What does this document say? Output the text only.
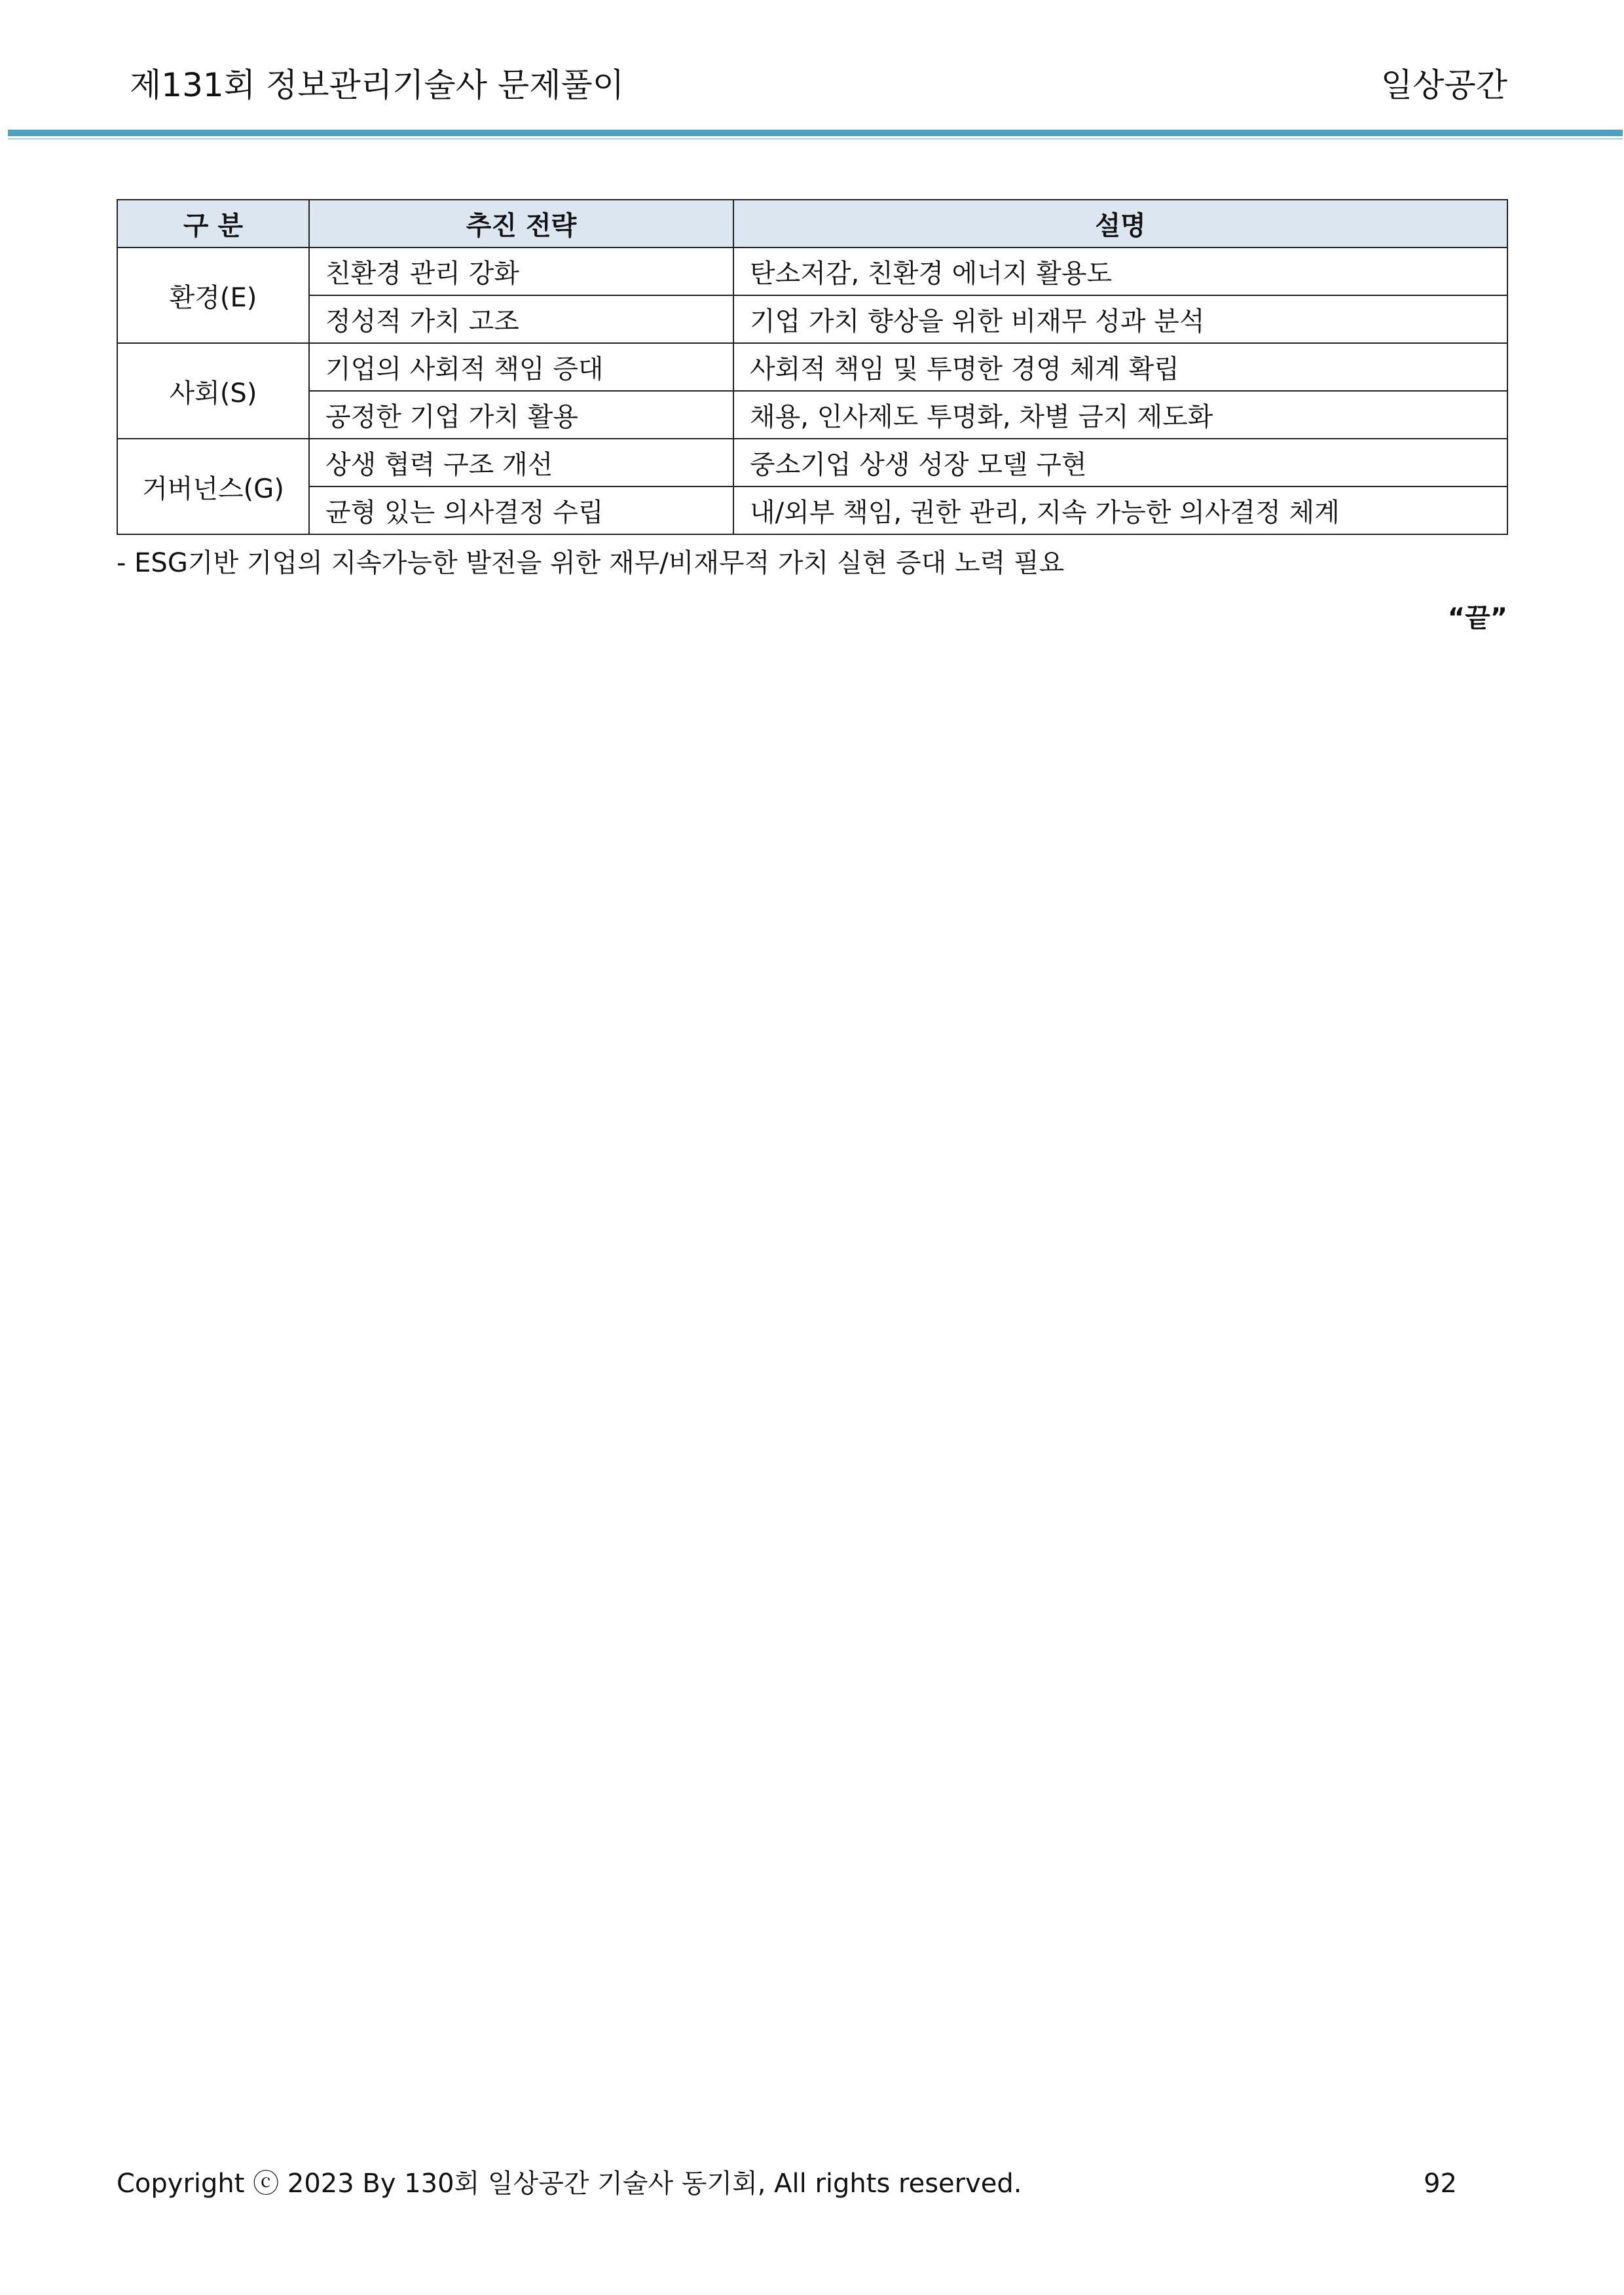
제131회 정보관리기술사 문제풀이	일상공간
구 분	추진 전략	설명
환경(E)	친환경 관리 강화	탄소저감, 친환경 에너지 활용도
	정성적 가치 고조	기업 가치 향상을 위한 비재무 성과 분석
사회(S)	기업의 사회적 책임 증대	사회적 책임 및 투명한 경영 체계 확립
	공정한 기업 가치 활용	채용, 인사제도 투명화, 차별 금지 제도화
거버넌스(G)	상생 협력 구조 개선	중소기업 상생 성장 모델 구현
	균형 있는 의사결정 수립	내/외부 책임, 권한 관리, 지속 가능한 의사결정 체계
- ESG기반 기업의 지속가능한 발전을 위한 재무/비재무적 가치 실현 증대 노력 필요
“끝”
Copyright ⓒ 2023 By 130회 일상공간 기술사 동기회, All rights reserved.	92
